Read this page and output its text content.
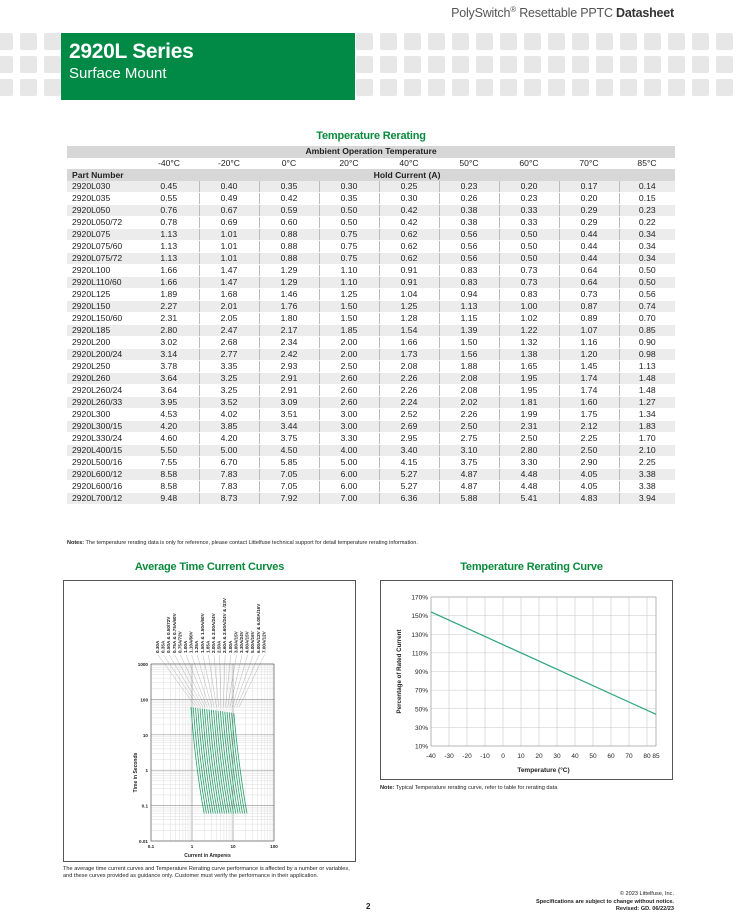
PolySwitch® Resettable PPTC Datasheet
2920L Series
Surface Mount
Temperature Rerating
Ambient Operation Temperature									
	-40°C	-20°C	0°C	20°C	40°C	50°C	60°C	70°C	85°C
Part Number	Hold Current (A)								
2920L030	0.45	0.40	0.35	0.30	0.25	0.23	0.20	0.17	0.14
2920L035	0.55	0.49	0.42	0.35	0.30	0.26	0.23	0.20	0.15
2920L050	0.76	0.67	0.59	0.50	0.42	0.38	0.33	0.29	0.23
2920L050/72	0.78	0.69	0.60	0.50	0.42	0.38	0.33	0.29	0.22
2920L075	1.13	1.01	0.88	0.75	0.62	0.56	0.50	0.44	0.34
2920L075/60	1.13	1.01	0.88	0.75	0.62	0.56	0.50	0.44	0.34
2920L075/72	1.13	1.01	0.88	0.75	0.62	0.56	0.50	0.44	0.34
2920L100	1.66	1.47	1.29	1.10	0.91	0.83	0.73	0.64	0.50
2920L110/60	1.66	1.47	1.29	1.10	0.91	0.83	0.73	0.64	0.50
2920L125	1.89	1.68	1.46	1.25	1.04	0.94	0.83	0.73	0.56
2920L150	2.27	2.01	1.76	1.50	1.25	1.13	1.00	0.87	0.74
2920L150/60	2.31	2.05	1.80	1.50	1.28	1.15	1.02	0.89	0.70
2920L185	2.80	2.47	2.17	1.85	1.54	1.39	1.22	1.07	0.85
2920L200	3.02	2.68	2.34	2.00	1.66	1.50	1.32	1.16	0.90
2920L200/24	3.14	2.77	2.42	2.00	1.73	1.56	1.38	1.20	0.98
2920L250	3.78	3.35	2.93	2.50	2.08	1.88	1.65	1.45	1.13
2920L260	3.64	3.25	2.91	2.60	2.26	2.08	1.95	1.74	1.48
2920L260/24	3.64	3.25	2.91	2.60	2.26	2.08	1.95	1.74	1.48
2920L260/33	3.95	3.52	3.09	2.60	2.24	2.02	1.81	1.60	1.27
2920L300	4.53	4.02	3.51	3.00	2.52	2.26	1.99	1.75	1.34
2920L300/15	4.20	3.85	3.44	3.00	2.69	2.50	2.31	2.12	1.83
2920L330/24	4.60	4.20	3.75	3.30	2.95	2.75	2.50	2.25	1.70
2920L400/15	5.50	5.00	4.50	4.00	3.40	3.10	2.80	2.50	2.10
2920L500/16	7.55	6.70	5.85	5.00	4.15	3.75	3.30	2.90	2.25
2920L600/12	8.58	7.83	7.05	6.00	5.27	4.87	4.48	4.05	3.38
2920L600/16	8.58	7.83	7.05	6.00	5.27	4.87	4.48	4.05	3.38
2920L700/12	9.48	8.73	7.92	7.00	6.36	5.88	5.41	4.83	3.94
Notes: The temperature rerating data is only for reference, please contact Littelfuse technical support for detail temperature rerating information.
Average Time Current Curves	Temperature Rerating Curve
1000
100
10
1
0.1
0.01
0.1	1	10	100
Current in Amperes
Time in Seconds
0.30A 0.35A 0.50A & 0.50/72V 0.75A & 0.75A/60V 0.75A/72V 1.00A 1.10A/60V 1.25A 1.50A & 1.50A/60V 1.85A 2.00A & 2.00A/24V 2.50A 2.60A & 2.60A/24V & /33V 3.00A 3.00A/15V 3.30A/24V 4.00A/15V 5.00A/16V 6.00A/12V & 6.00A/16V 7.00A/12V
-40 -30 -20 -10 0 10 20 30 40 50 60 70 80 85
170%
150%
130%
110%
90%
70%
50%
30%
10%
Temperature (°C)
Percentage of Rated Current
Note: Typical Temperature rerating curve, refer to table for rerating data
The average time current curves and Temperature Rerating curve performance is affected by a number or variables, and these curves provided as guidance only. Customer must verify the performance in their application.
2
© 2023 Littelfuse, Inc.
Specifications are subject to change without notice.
Revised: GD. 06/22/23
